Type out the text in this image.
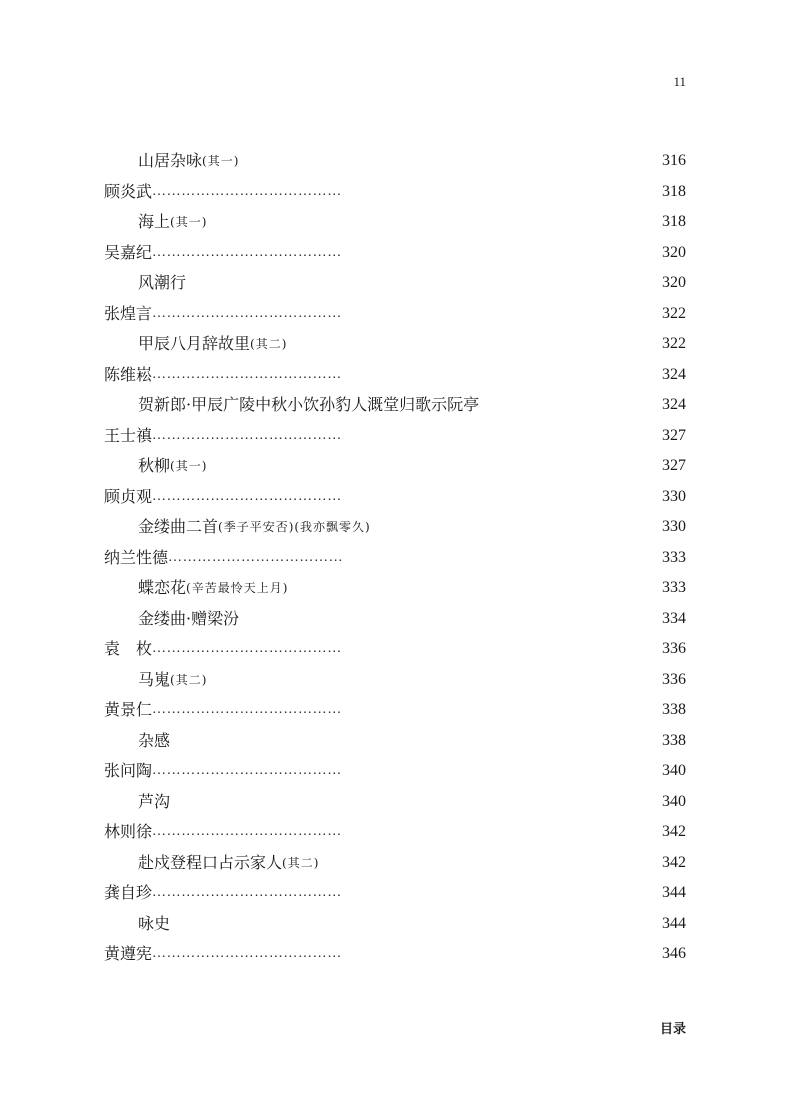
11
山居杂咏 (其一)	316
顾炎武 …………………………………	318
海上 (其一)	318
吴嘉纪 …………………………………	320
风潮行	320
张煌言 …………………………………	322
甲辰八月辞故里 (其二)	322
陈维崧 …………………………………	324
贺新郎·甲辰广陵中秋小饮孙豹人溉堂归歌示阮亭	324
王士禛 …………………………………	327
秋柳 (其一)	327
顾贞观 …………………………………	330
金缕曲二首 (季子平安否)(我亦飘零久)	330
纳兰性德 ………………………………	333
蝶恋花 (辛苦最怜天上月)	333
金缕曲·赠梁汾	334
袁　枚 …………………………………	336
马嵬 (其二)	336
黄景仁 …………………………………	338
杂感	338
张问陶 …………………………………	340
芦沟	340
林则徐 …………………………………	342
赴戍登程口占示家人 (其二)	342
龚自珍 …………………………………	344
咏史	344
黄遵宪 …………………………………	346
目录
